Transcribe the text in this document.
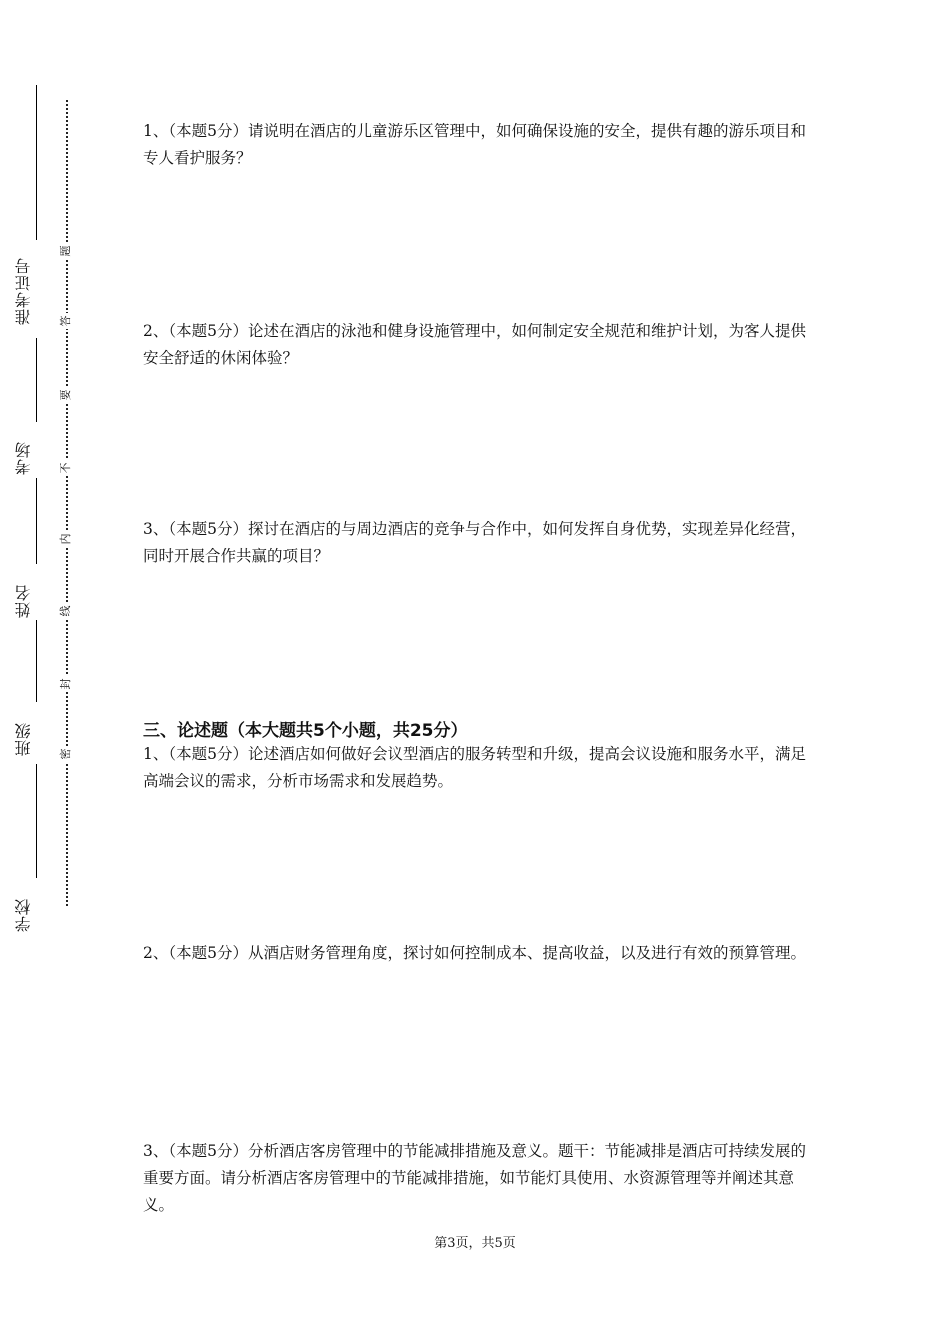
准考证号
考场
姓名
班级
学校
题
答
要
不
内
线
封
密
1、（本题5分）请说明在酒店的儿童游乐区管理中，如何确保设施的安全，提供有趣的游乐项目和专人看护服务？
2、（本题5分）论述在酒店的泳池和健身设施管理中，如何制定安全规范和维护计划，为客人提供安全舒适的休闲体验？
3、（本题5分）探讨在酒店的与周边酒店的竞争与合作中，如何发挥自身优势，实现差异化经营，同时开展合作共赢的项目？
三、论述题（本大题共5个小题，共25分）
1、（本题5分）论述酒店如何做好会议型酒店的服务转型和升级，提高会议设施和服务水平，满足高端会议的需求，分析市场需求和发展趋势。
2、（本题5分）从酒店财务管理角度，探讨如何控制成本、提高收益，以及进行有效的预算管理。
3、（本题5分）分析酒店客房管理中的节能减排措施及意义。题干：节能减排是酒店可持续发展的重要方面。请分析酒店客房管理中的节能减排措施，如节能灯具使用、水资源管理等并阐述其意义。
第3页，共5页
